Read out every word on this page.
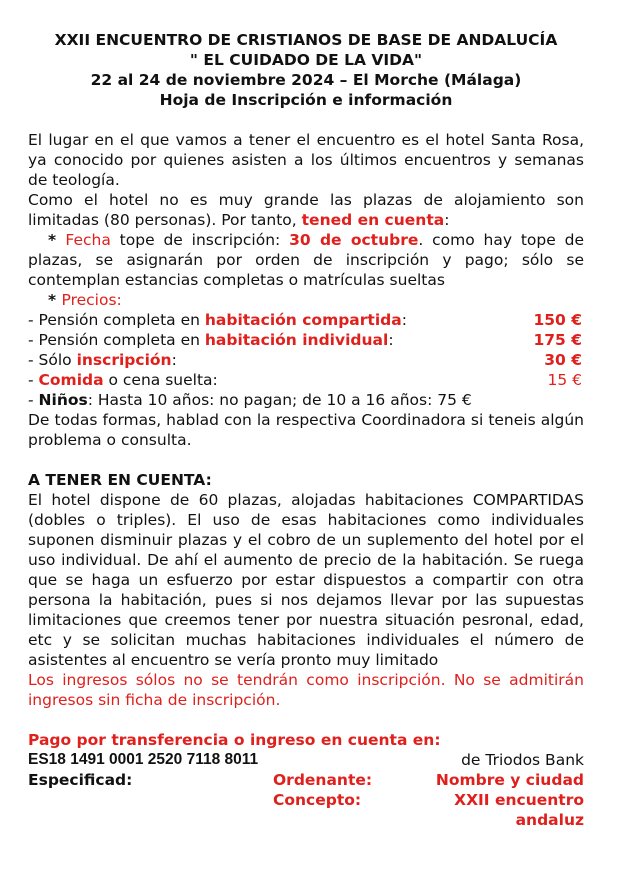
XXII ENCUENTRO DE CRISTIANOS DE BASE DE ANDALUCÍA
" EL CUIDADO DE LA VIDA"
22 al 24 de noviembre 2024 – El Morche (Málaga)
Hoja de Inscripción e información
El lugar en el que vamos a tener el encuentro es el hotel Santa Rosa, ya conocido por quienes asisten a los últimos encuentros y semanas de teología.
Como el hotel no es muy grande las plazas de alojamiento son limitadas (80 personas). Por tanto, tened en cuenta:
* Fecha tope de inscripción: 30 de octubre. como hay tope de plazas, se asignarán por orden de inscripción y pago; sólo se contemplan estancias completas o matrículas sueltas
* Precios:
- Pensión completa en habitación compartida:	150 €
- Pensión completa en habitación individual:	175 €
- Sólo inscripción:	30 €
- Comida o cena suelta:	15 €
- Niños: Hasta 10 años: no pagan; de 10 a 16 años: 75 €
De todas formas, hablad con la respectiva Coordinadora si teneis algún problema o consulta.
A TENER EN CUENTA:
El hotel dispone de 60 plazas, alojadas habitaciones COMPARTIDAS (dobles o triples). El uso de esas habitaciones como individuales suponen disminuir plazas y el cobro de un suplemento del hotel por el uso individual. De ahí el aumento de precio de la habitación. Se ruega que se haga un esfuerzo por estar dispuestos a compartir con otra persona la habitación, pues si nos dejamos llevar por las supuestas limitaciones que creemos tener por nuestra situación pesronal, edad, etc y se solicitan muchas habitaciones individuales el número de asistentes al encuentro se vería pronto muy limitado
Los ingresos sólos no se tendrán como inscripción. No se admitirán ingresos sin ficha de inscripción.
Pago por transferencia o ingreso en cuenta en:
ES18 1491 0001 2520 7118 8011	de Triodos Bank
Especificad:	Ordenante:	Nombre y ciudad
Concepto:	XXII encuentro andaluz
